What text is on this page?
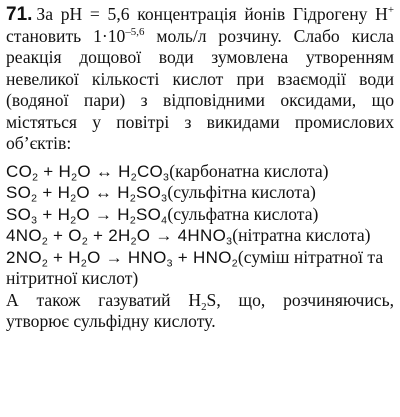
71. За pH = 5,6 концентрація йонів Гідрогену H+ становить $1\cdot 10^{-5,6}$ моль/л розчину. Слабо кисла реакція дощової води зумовлена утворенням невеликої кількості кислот при взаємодії води (водяної пари) з відповідними оксидами, що містяться у повітрі з викидами промислових об’єктів:

$CO_2 + H_2O$ ↔ $H_2CO_3(карбонатна$ кислота)

$SO_2 + H_2O$ ↔ $H_2SO_3(сульфітна$ кислота)

$SO_3 + H_2O$ → $H_2SO_4(сульфатна$ кислота)

$4NO_2 + O_2 + 2H_2O$ → $4HNO_3(нітратна$ кислота)

$2NO_2 + H_2O \to HNO_3$ + $HNO_2(суміш$ нітратної та нітритної кислот)

А також газуватий $H_2S$, що, розчиняючись, утворює сульфідну кислоту.
